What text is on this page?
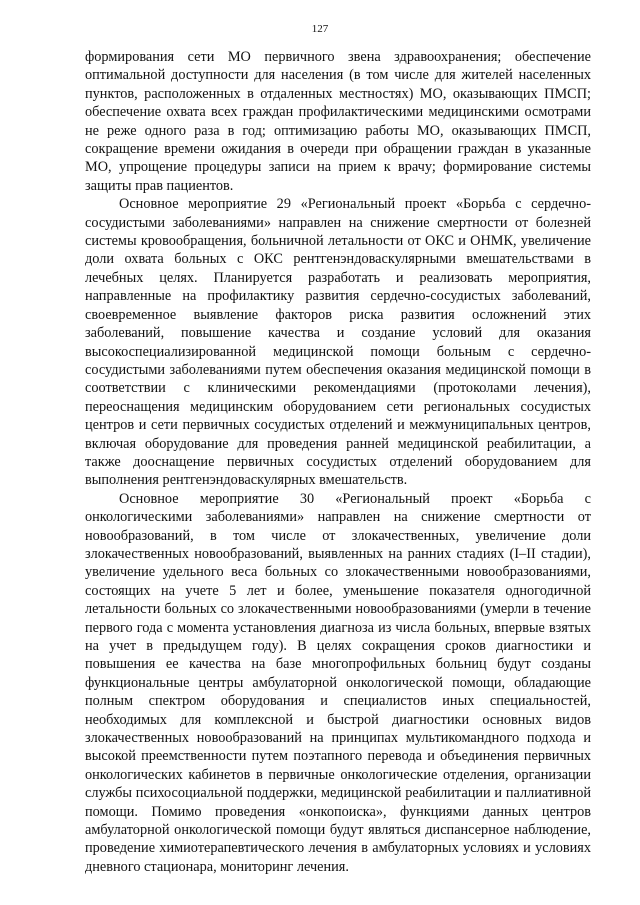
127

формирования сети МО первичного звена здравоохранения; обеспечение оптимальной доступности для населения (в том числе для жителей населенных пунктов, расположенных в отдаленных местностях) МО, оказывающих ПМСП; обеспечение охвата всех граждан профилактическими медицинскими осмотрами не реже одного раза в год; оптимизацию работы МО, оказывающих ПМСП, сокращение времени ожидания в очереди при обращении граждан в указанные МО, упрощение процедуры записи на прием к врачу; формирование системы защиты прав пациентов.

Основное мероприятие 29 «Региональный проект «Борьба с сердечно-сосудистыми заболеваниями» направлен на снижение смертности от болезней системы кровообращения, больничной летальности от ОКС и ОНМК, увеличение доли охвата больных с ОКС рентгенэндоваскулярными вмешательствами в лечебных целях. Планируется разработать и реализовать мероприятия, направленные на профилактику развития сердечно-сосудистых заболеваний, своевременное выявление факторов риска развития осложнений этих заболеваний, повышение качества и создание условий для оказания высокоспециализированной медицинской помощи больным с сердечно-сосудистыми заболеваниями путем обеспечения оказания медицинской помощи в соответствии с клиническими рекомендациями (протоколами лечения), переоснащения медицинским оборудованием сети региональных сосудистых центров и сети первичных сосудистых отделений и межмуниципальных центров, включая оборудование для проведения ранней медицинской реабилитации, а также дооснащение первичных сосудистых отделений оборудованием для выполнения рентгенэндоваскулярных вмешательств.

Основное мероприятие 30 «Региональный проект «Борьба с онкологическими заболеваниями» направлен на снижение смертности от новообразований, в том числе от злокачественных, увеличение доли злокачественных новообразований, выявленных на ранних стадиях (I–II стадии), увеличение удельного веса больных со злокачественными новообразованиями, состоящих на учете 5 лет и более, уменьшение показателя одногодичной летальности больных со злокачественными новообразованиями (умерли в течение первого года с момента установления диагноза из числа больных, впервые взятых на учет в предыдущем году). В целях сокращения сроков диагностики и повышения ее качества на базе многопрофильных больниц будут созданы функциональные центры амбулаторной онкологической помощи, обладающие полным спектром оборудования и специалистов иных специальностей, необходимых для комплексной и быстрой диагностики основных видов злокачественных новообразований на принципах мультикомандного подхода и высокой преемственности путем поэтапного перевода и объединения первичных онкологических кабинетов в первичные онкологические отделения, организации службы психосоциальной поддержки, медицинской реабилитации и паллиативной помощи. Помимо проведения «онкопоиска», функциями данных центров амбулаторной онкологической помощи будут являться диспансерное наблюдение, проведение химиотерапевтического лечения в амбулаторных условиях и условиях дневного стационара, мониторинг лечения.
